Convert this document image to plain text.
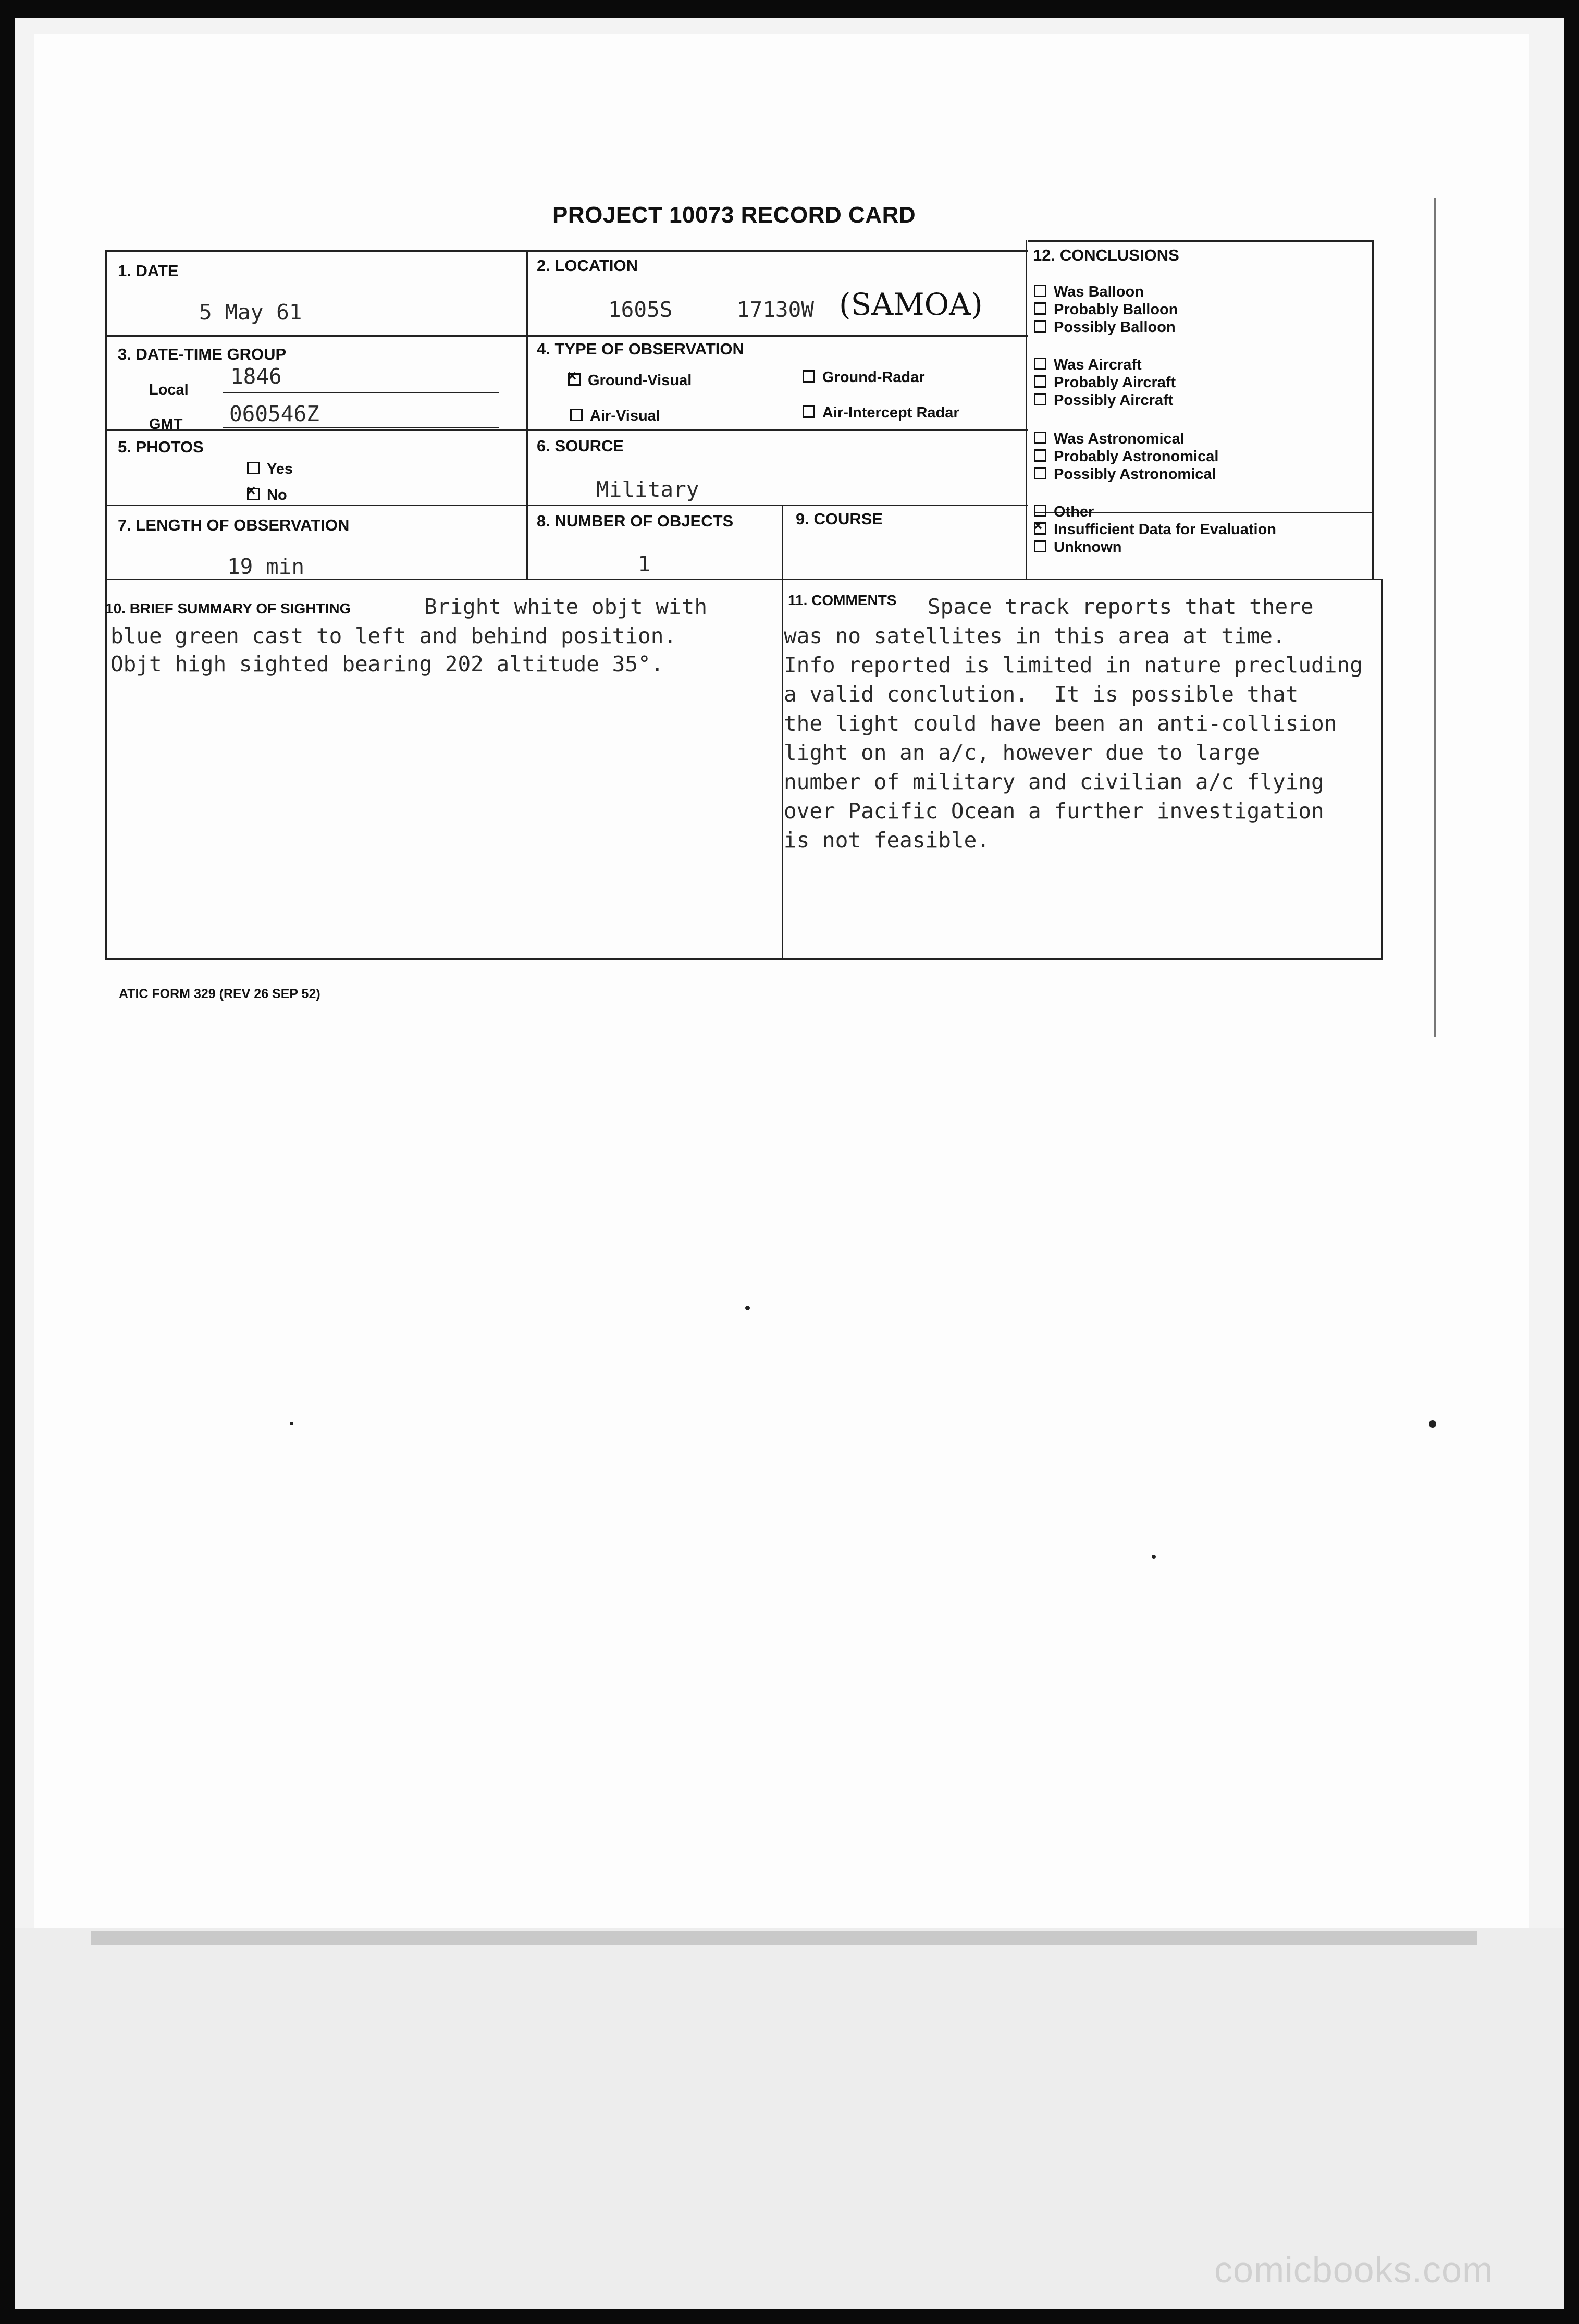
PROJECT 10073 RECORD CARD
1. DATE
5 May 61
2. LOCATION
1605S     17130W (SAMOA)
3. DATE-TIME GROUP
Local
1846
GMT 060546Z
4. TYPE OF OBSERVATION
×Ground-Visual	Ground-Radar
Air-Visual	Air-Intercept Radar
5. PHOTOS
Yes
×No
6. SOURCE
Military
7. LENGTH OF OBSERVATION
19 min
8. NUMBER OF OBJECTS
1
9. COURSE
10. BRIEF SUMMARY OF SIGHTING	Bright white objt with
blue green cast to left and behind position.
Objt high sighted bearing 202 altitude 35°.
11. COMMENTS Space track reports that there
was no satellites in this area at time.
Info reported is limited in nature precluding
a valid conclution.  It is possible that
the light could have been an anti-collision
light on an a/c, however due to large
number of military and civilian a/c flying
over Pacific Ocean a further investigation
is not feasible.
12. CONCLUSIONS
Was Balloon
Probably Balloon
Possibly Balloon
Was Aircraft
Probably Aircraft
Possibly Aircraft
Was Astronomical
Probably Astronomical
Possibly Astronomical
Other
×Insufficient Data for Evaluation
Unknown
ATIC FORM 329 (REV 26 SEP 52)
comicbooks.com
